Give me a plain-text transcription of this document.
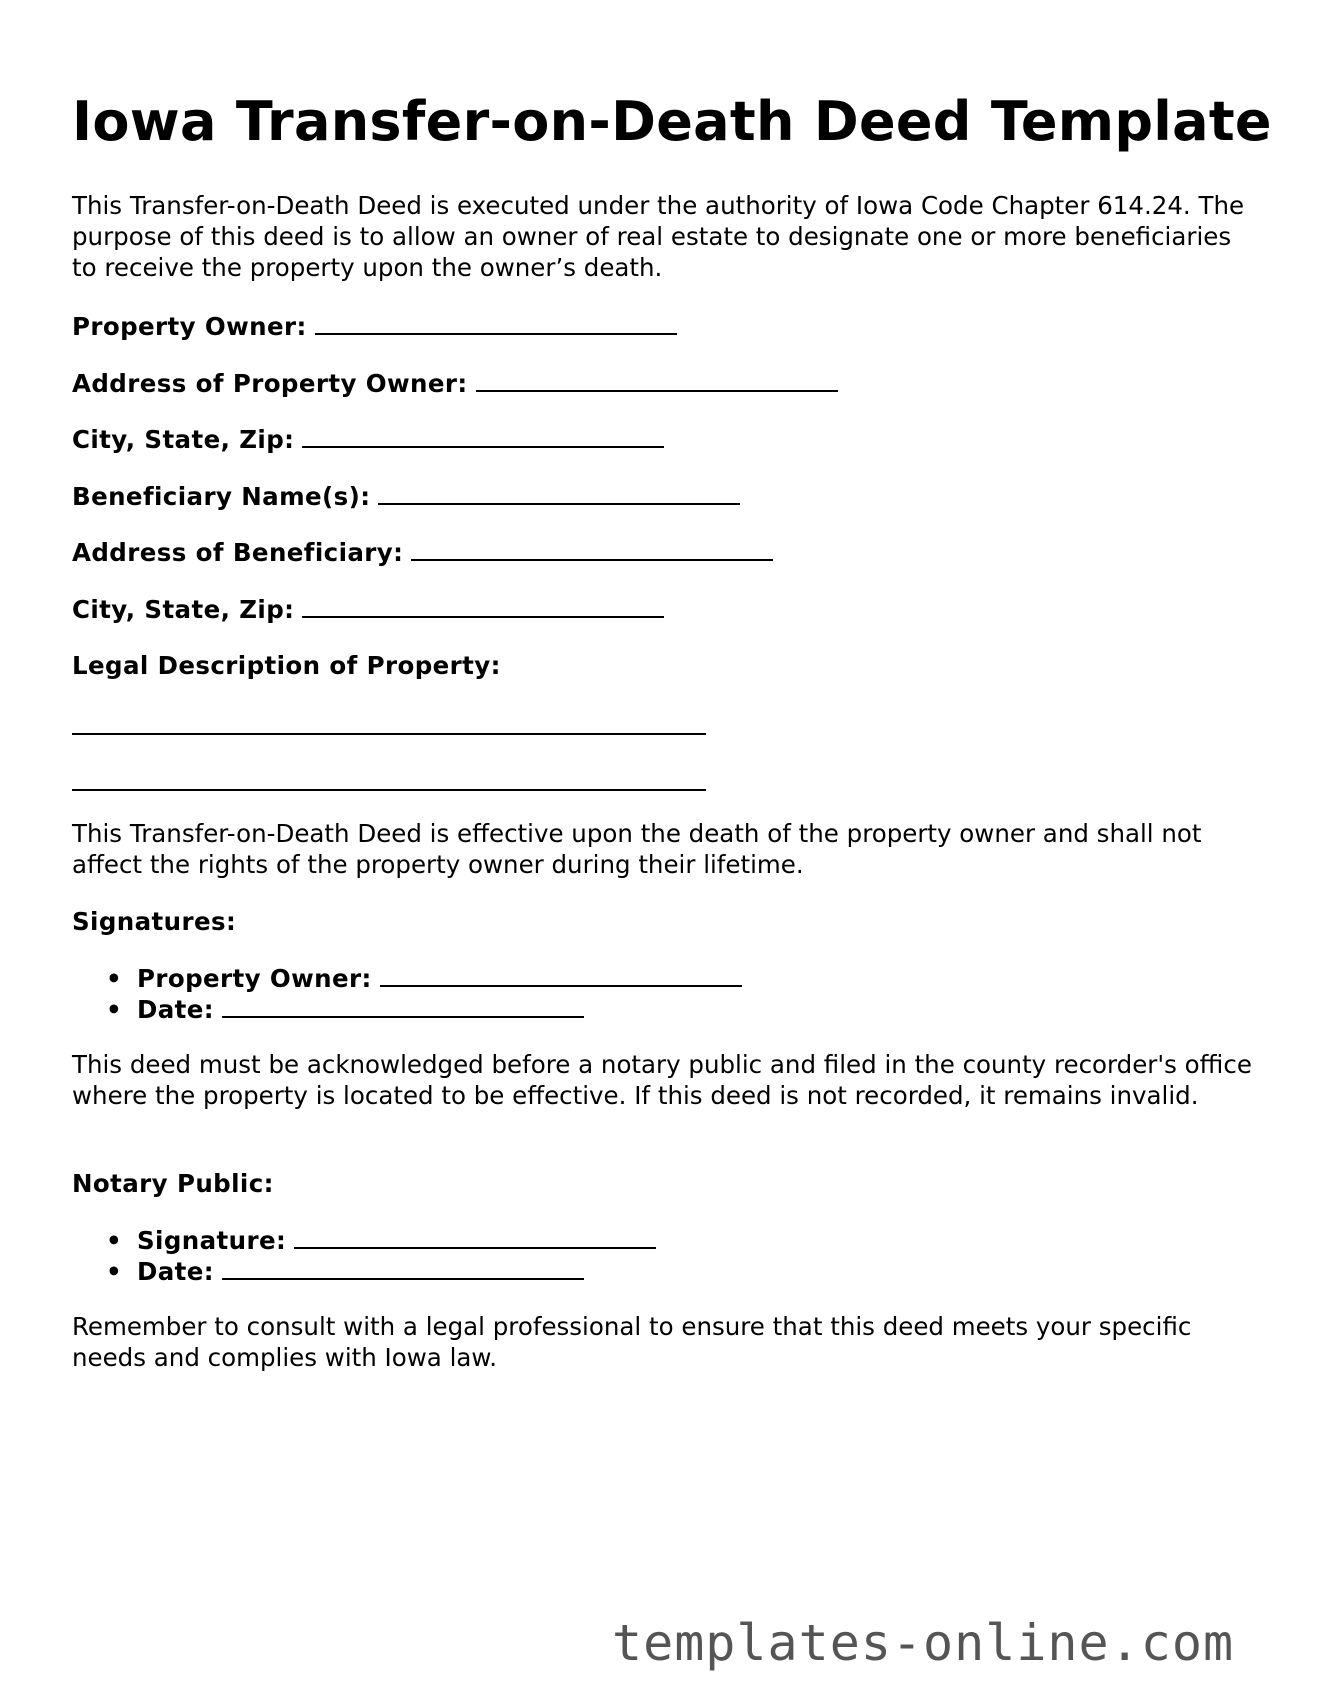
Iowa Transfer-on-Death Deed Template

This Transfer-on-Death Deed is executed under the authority of Iowa Code Chapter 614.24. The purpose of this deed is to allow an owner of real estate to designate one or more beneficiaries to receive the property upon the owner’s death.

Property Owner:
Address of Property Owner:
City, State, Zip:
Beneficiary Name(s):
Address of Beneficiary:
City, State, Zip:
Legal Description of Property:

This Transfer-on-Death Deed is effective upon the death of the property owner and shall not affect the rights of the property owner during their lifetime.

Signatures:
• Property Owner:
• Date:

This deed must be acknowledged before a notary public and filed in the county recorder's office where the property is located to be effective. If this deed is not recorded, it remains invalid.

Notary Public:
• Signature:
• Date:

Remember to consult with a legal professional to ensure that this deed meets your specific needs and complies with Iowa law.

templates-online.com
